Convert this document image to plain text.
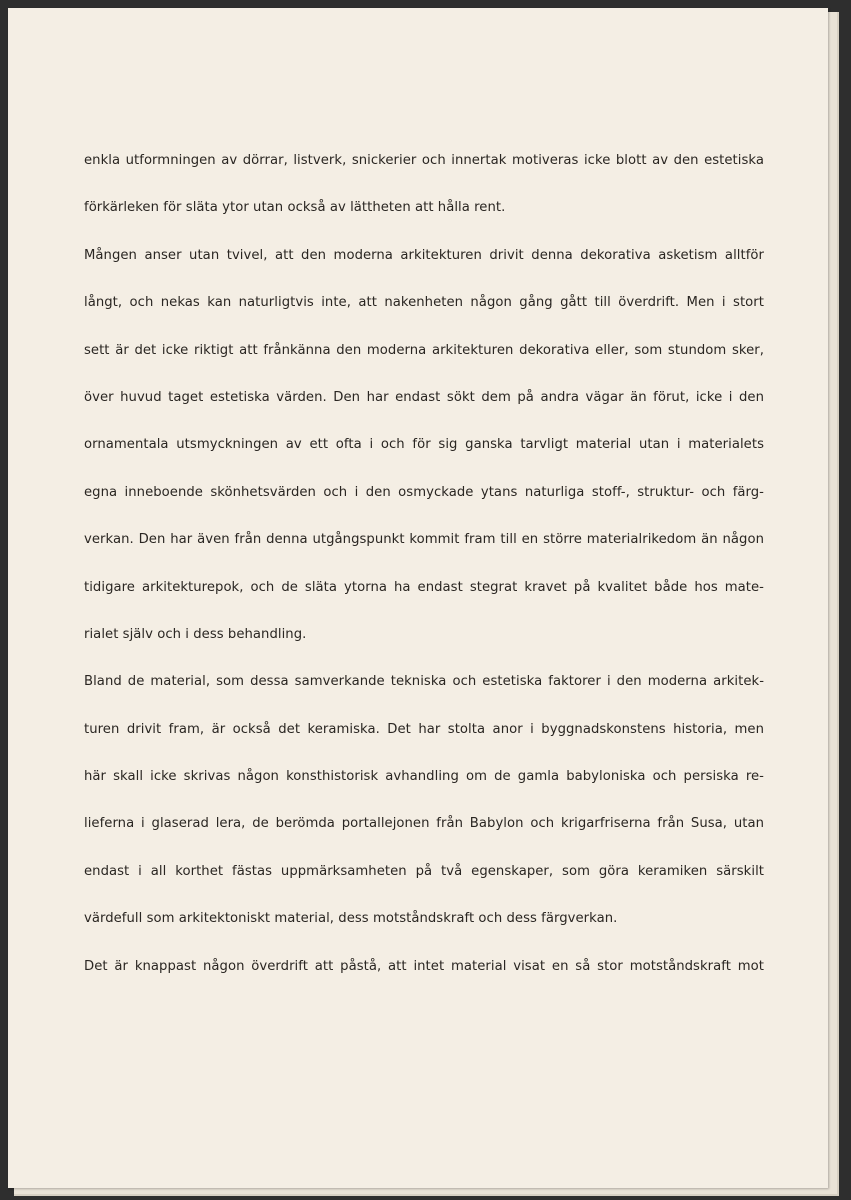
enkla utformningen av dörrar, listverk, snickerier och innertak motiveras icke blott av den estetiska
förkärleken för släta ytor utan också av lättheten att hålla rent.
Mången anser utan tvivel, att den moderna arkitekturen drivit denna dekorativa asketism alltför
långt, och nekas kan naturligtvis inte, att nakenheten någon gång gått till överdrift. Men i stort
sett är det icke riktigt att frånkänna den moderna arkitekturen dekorativa eller, som stundom sker,
över huvud taget estetiska värden. Den har endast sökt dem på andra vägar än förut, icke i den
ornamentala utsmyckningen av ett ofta i och för sig ganska tarvligt material utan i materialets
egna inneboende skönhetsvärden och i den osmyckade ytans naturliga stoff-, struktur- och färg-
verkan. Den har även från denna utgångspunkt kommit fram till en större materialrikedom än någon
tidigare arkitekturepok, och de släta ytorna ha endast stegrat kravet på kvalitet både hos mate-
rialet själv och i dess behandling.
Bland de material, som dessa samverkande tekniska och estetiska faktorer i den moderna arkitek-
turen drivit fram, är också det keramiska. Det har stolta anor i byggnadskonstens historia, men
här skall icke skrivas någon konsthistorisk avhandling om de gamla babyloniska och persiska re-
lieferna i glaserad lera, de berömda portallejonen från Babylon och krigarfriserna från Susa, utan
endast i all korthet fästas uppmärksamheten på två egenskaper, som göra keramiken särskilt
värdefull som arkitektoniskt material, dess motståndskraft och dess färgverkan.
Det är knappast någon överdrift att påstå, att intet material visat en så stor motståndskraft mot
